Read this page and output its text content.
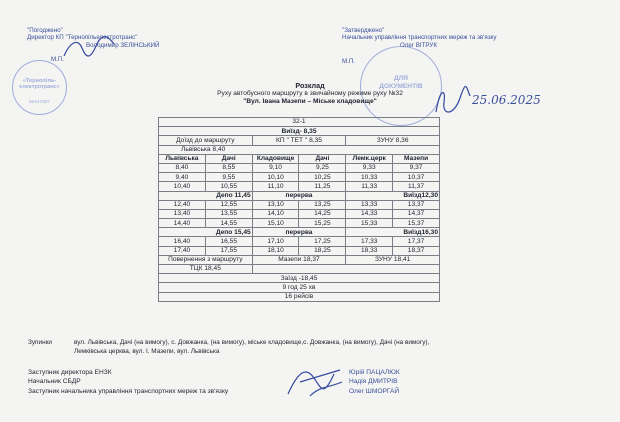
"Погоджено"
Директор КП "Тернопільелектротранс"
Володимир ЗЕЛІНСЬКИЙ
М.П.
«Тернопіль-електротранс»
05447987
"Затверджено"
Начальник управління транспортних мереж та зв'язку
Олег ВІТРУК
М.П.
ДЛЯ ДОКУМЕНТІВ
25.06.2025
Розклад
Руху автобусного маршруту в звичайному режиме руху №32
"Вул. Івана Мазепи – Міське кладовище"
32-1					
Виїзд- 8,35					
Доїзд до маршруту		КП " ТЕТ " 8,35		ЗУНУ 8,36	
Львівська 8,40					
Львівська	Дачі	Кладовище	Дачі	Лемк.церк	Мазепи
8,40	8,55	9,10	9,25	9,33	9,37
9,40	9,55	10,10	10,25	10,33	10,37
10,40	10,55	11,10	11,25	11,33	11,37
Депо 11,45		перерва		Виїзд12,30	
12,40	12,55	13,10	13,25	13,33	13,37
13,40	13,55	14,10	14,25	14,33	14,37
14,40	14,55	15,10	15,25	15,33	15,37
Депо 15,45		перерва		Виїзд16,30	
16,40	16,55	17,10	17,25	17,33	17,37
17,40	17,55	18,10	18,25	18,33	18,37
Повернення з маршруту		Мазепи 18,37		ЗУНУ 18,41	
ТЦК 18,45					
Заїзд -18,45					
9 год 25 хв					
16 рейсів					
Зупинки	вул. Львівська, Дачі (на вимогу), с. Довжанка, (на вимогу), міське кладовище,с. Довжанка, (на вимогу), Дачі (на вимогу),
Лемківська церква, вул. І. Мазепи, вул. Львівська
Заступник директора ЕНЗК
Начальник СБДР
Заступник начальника управління транспортних мереж та зв'язку
Юрій ПАЦАЛЮК
Надія ДМИТРІВ
Олег ШМОРГАЙ
